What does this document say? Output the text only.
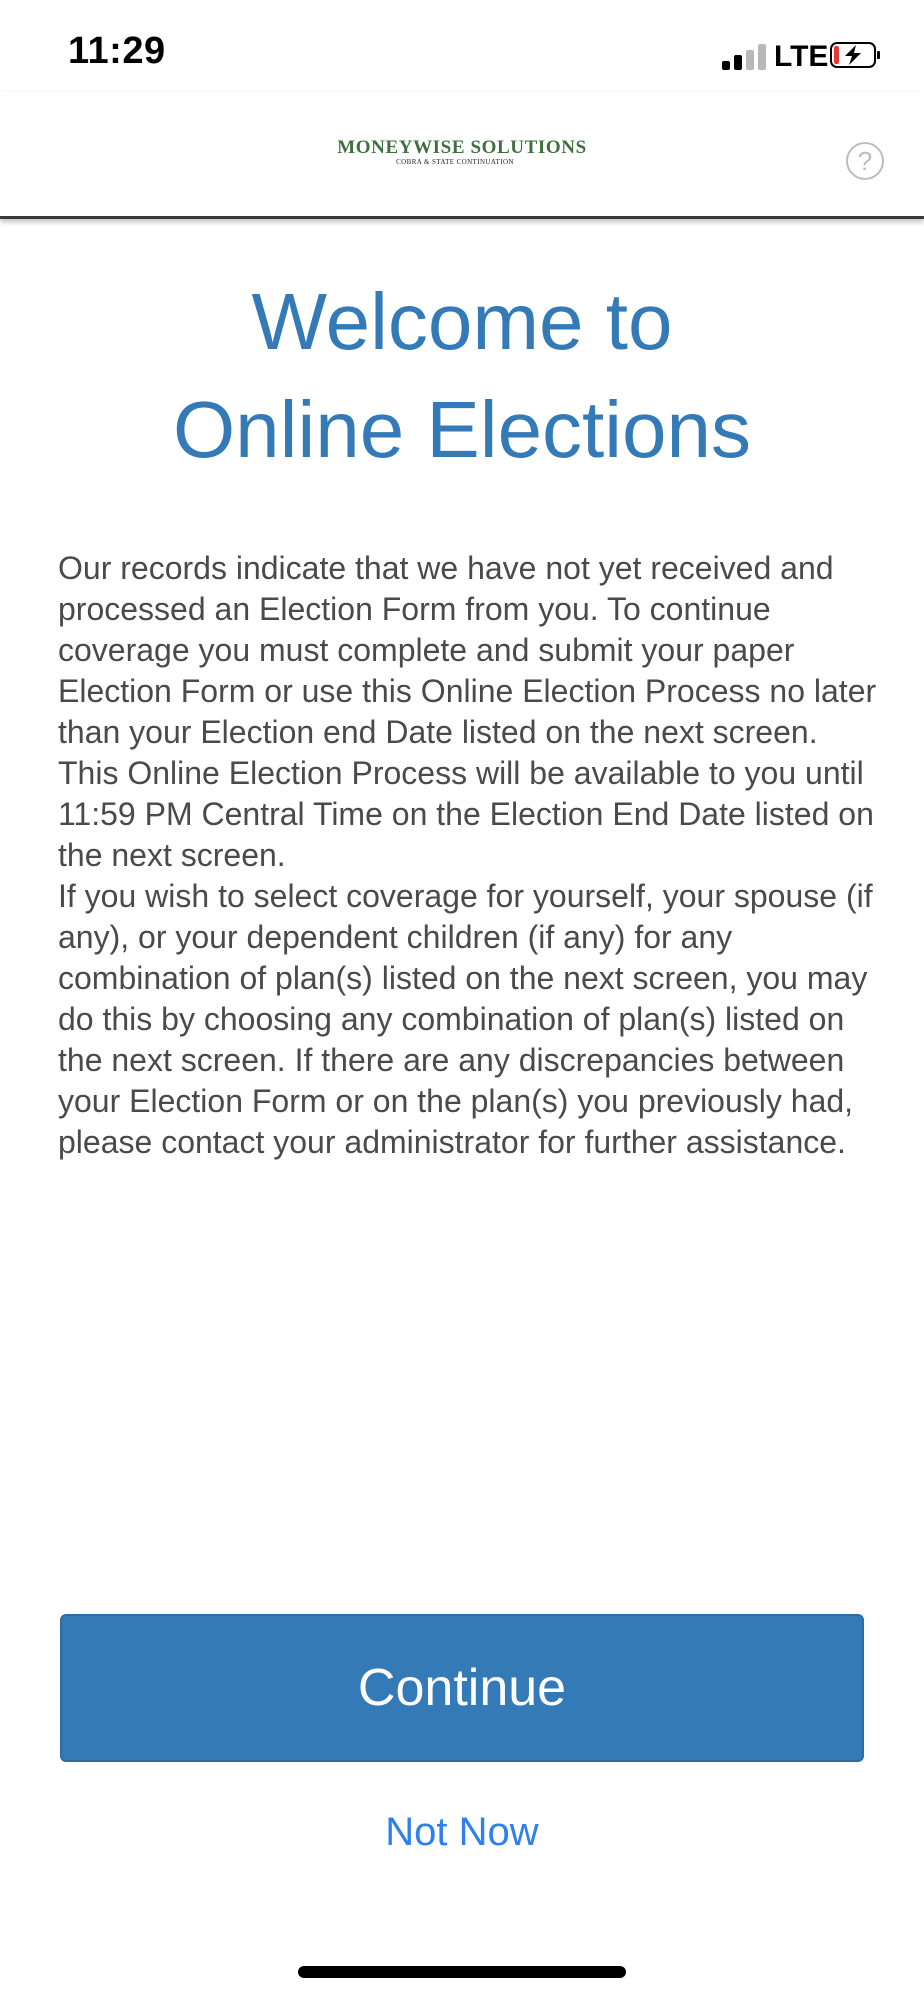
11:29	LTE
MONEYWISE SOLUTIONS
COBRA & STATE CONTINUATION	?
Welcome to
Online Elections

Our records indicate that we have not yet received and processed an Election Form from you. To continue coverage you must complete and submit your paper Election Form or use this Online Election Process no later than your Election end Date listed on the next screen. This Online Election Process will be available to you until 11:59 PM Central Time on the Election End Date listed on the next screen.

If you wish to select coverage for yourself, your spouse (if any), or your dependent children (if any) for any combination of plan(s) listed on the next screen, you may do this by choosing any combination of plan(s) listed on the next screen. If there are any discrepancies between your Election Form or on the plan(s) you previously had, please contact your administrator for further assistance.

Continue
Not Now
